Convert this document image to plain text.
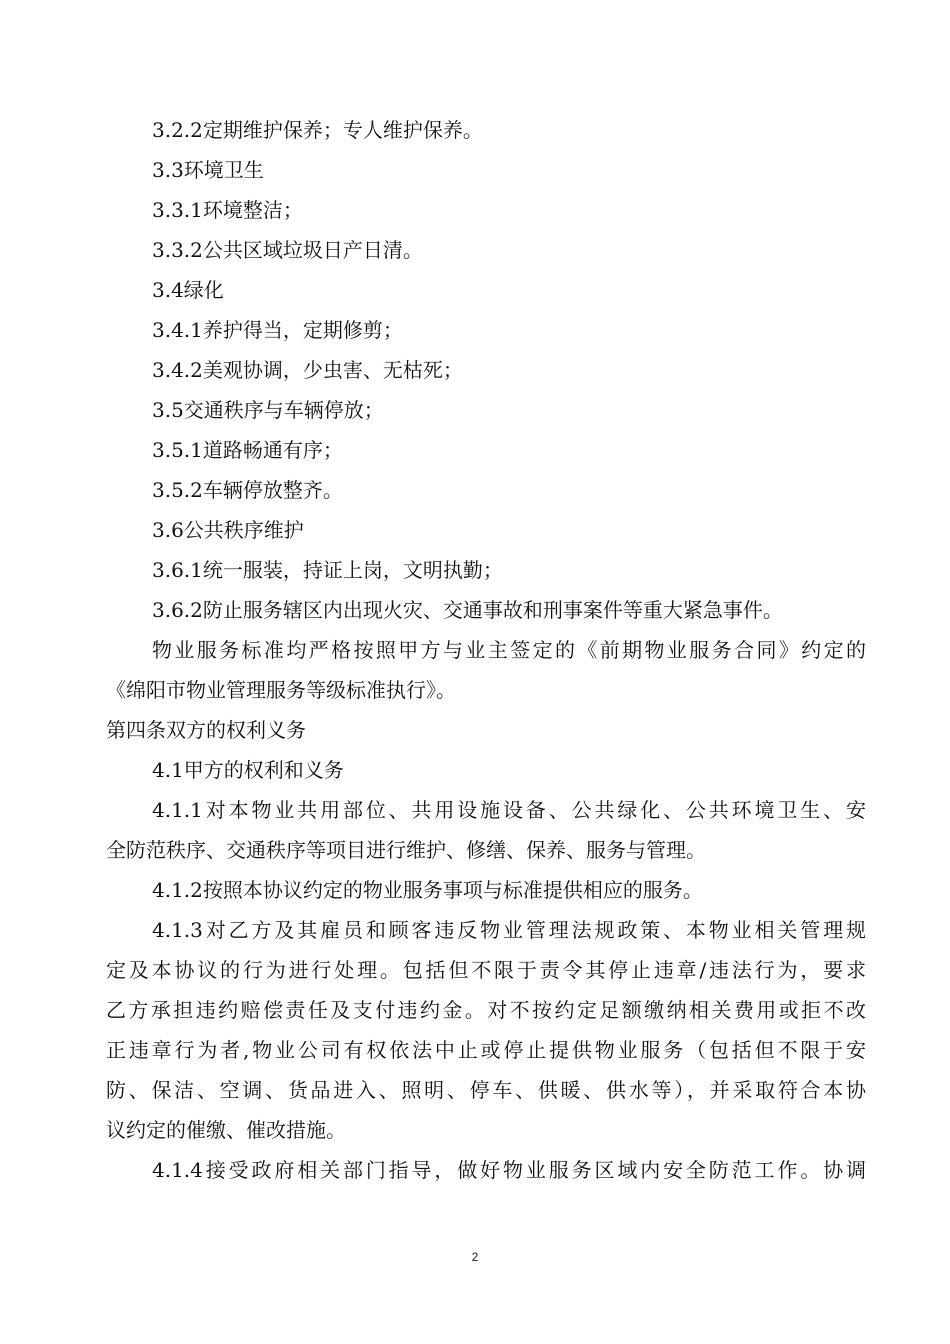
3.2.2定期维护保养；专人维护保养。
3.3环境卫生
3.3.1环境整洁；
3.3.2公共区域垃圾日产日清。
3.4绿化
3.4.1养护得当，定期修剪；
3.4.2美观协调，少虫害、无枯死；
3.5交通秩序与车辆停放；
3.5.1道路畅通有序；
3.5.2车辆停放整齐。
3.6公共秩序维护
3.6.1统一服装，持证上岗，文明执勤；
3.6.2防止服务辖区内出现火灾、交通事故和刑事案件等重大紧急事件。
物业服务标准均严格按照甲方与业主签定的《前期物业服务合同》约定的
《绵阳市物业管理服务等级标准执行》。
第四条双方的权利义务
4.1甲方的权利和义务
4.1.1对本物业共用部位、共用设施设备、公共绿化、公共环境卫生、安
全防范秩序、交通秩序等项目进行维护、修缮、保养、服务与管理。
4.1.2按照本协议约定的物业服务事项与标准提供相应的服务。
4.1.3对乙方及其雇员和顾客违反物业管理法规政策、本物业相关管理规
定及本协议的行为进行处理。包括但不限于责令其停止违章/违法行为，要求
乙方承担违约赔偿责任及支付违约金。对不按约定足额缴纳相关费用或拒不改
正违章行为者,物业公司有权依法中止或停止提供物业服务（包括但不限于安
防、保洁、空调、货品进入、照明、停车、供暖、供水等），并采取符合本协
议约定的催缴、催改措施。
4.1.4接受政府相关部门指导，做好物业服务区域内安全防范工作。协调
2
